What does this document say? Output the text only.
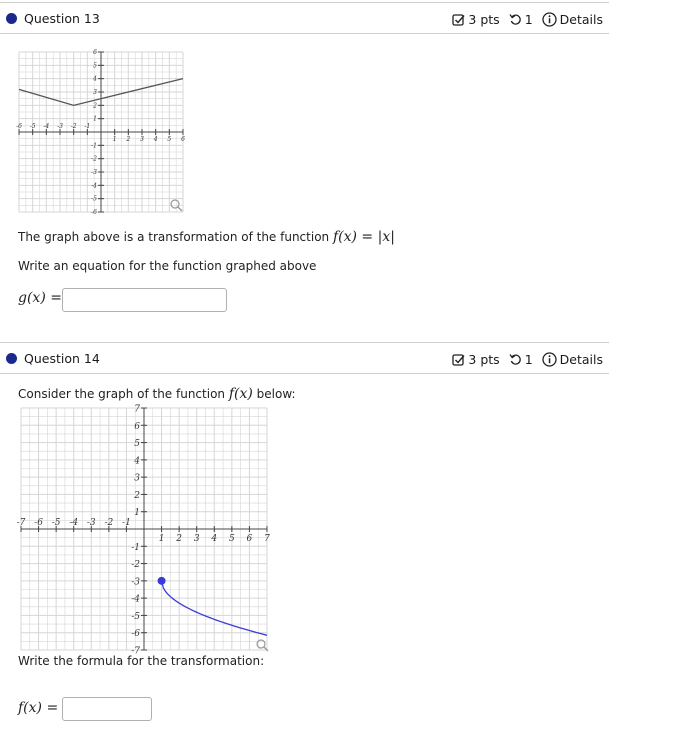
Question 13	3 pts 1 Details
-6 -5 -4 -3 -2 -1
1 2 3 4 5 6
6
5
4
3
2
1
-1
-2
-3
-4
-5
-6
The graph above is a transformation of the function f(x) = |x|
Write an equation for the function graphed above
g(x) =
Question 14	3 pts 1 Details
Consider the graph of the function f(x) below:
-7 -6 -5 -4 -3 -2 -1
1 2 3 4 5 6 7
7
6
5
4
3
2
1
-1
-2
-3
-4
-5
-6
-7
Write the formula for the transformation:
f(x) =
